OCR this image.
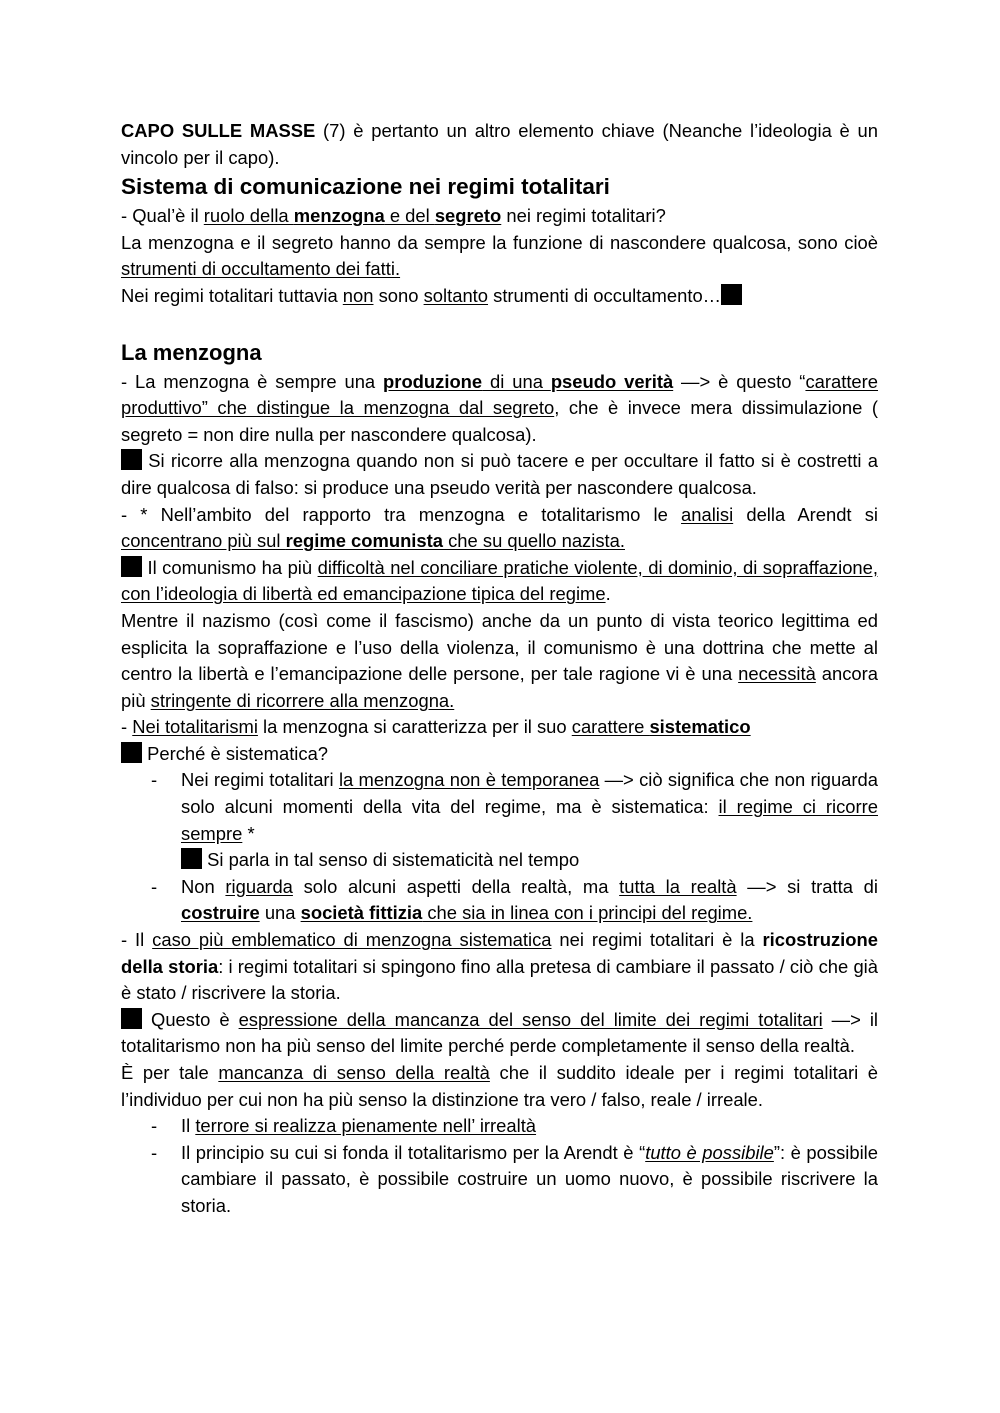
CAPO SULLE MASSE (7) è pertanto un altro elemento chiave (Neanche l’ideologia è un vincolo per il capo).

Sistema di comunicazione nei regimi totalitari

- Qual’è il ruolo della menzogna e del segreto nei regimi totalitari?

La menzogna e il segreto hanno da sempre la funzione di nascondere qualcosa, sono cioè strumenti di occultamento dei fatti.

Nei regimi totalitari tuttavia non sono soltanto strumenti di occultamento…

La menzogna

- La menzogna è sempre una produzione di una pseudo verità —> è questo “carattere produttivo” che distingue la menzogna dal segreto, che è invece mera dissimulazione ( segreto = non dire nulla per nascondere qualcosa).

Si ricorre alla menzogna quando non si può tacere e per occultare il fatto si è costretti a dire qualcosa di falso: si produce una pseudo verità per nascondere qualcosa.

- * Nell’ambito del rapporto tra menzogna e totalitarismo le analisi della Arendt si concentrano più sul regime comunista che su quello nazista.

Il comunismo ha più difficoltà nel conciliare pratiche violente, di dominio, di sopraffazione, con l’ideologia di libertà ed emancipazione tipica del regime.

Mentre il nazismo (così come il fascismo) anche da un punto di vista teorico legittima ed esplicita la sopraffazione e l’uso della violenza, il comunismo è una dottrina che mette al centro la libertà e l’emancipazione delle persone, per tale ragione vi è una necessità ancora più stringente di ricorrere alla menzogna.

- Nei totalitarismi la menzogna si caratterizza per il suo carattere sistematico

Perché è sistematica?

- Nei regimi totalitari la menzogna non è temporanea —> ciò significa che non riguarda solo alcuni momenti della vita del regime, ma è sistematica: il regime ci ricorre sempre *
Si parla in tal senso di sistematicità nel tempo
- Non riguarda solo alcuni aspetti della realtà, ma tutta la realtà —> si tratta di costruire una società fittizia che sia in linea con i principi del regime.

- Il caso più emblematico di menzogna sistematica nei regimi totalitari è la ricostruzione della storia: i regimi totalitari si spingono fino alla pretesa di cambiare il passato / ciò che già è stato / riscrivere la storia.

Questo è espressione della mancanza del senso del limite dei regimi totalitari —> il totalitarismo non ha più senso del limite perché perde completamente il senso della realtà.

È per tale mancanza di senso della realtà che il suddito ideale per i regimi totalitari è l’individuo per cui non ha più senso la distinzione tra vero / falso, reale / irreale.

- Il terrore si realizza pienamente nell’ irrealtà
- Il principio su cui si fonda il totalitarismo per la Arendt è “tutto è possibile”: è possibile cambiare il passato, è possibile costruire un uomo nuovo, è possibile riscrivere la storia.
